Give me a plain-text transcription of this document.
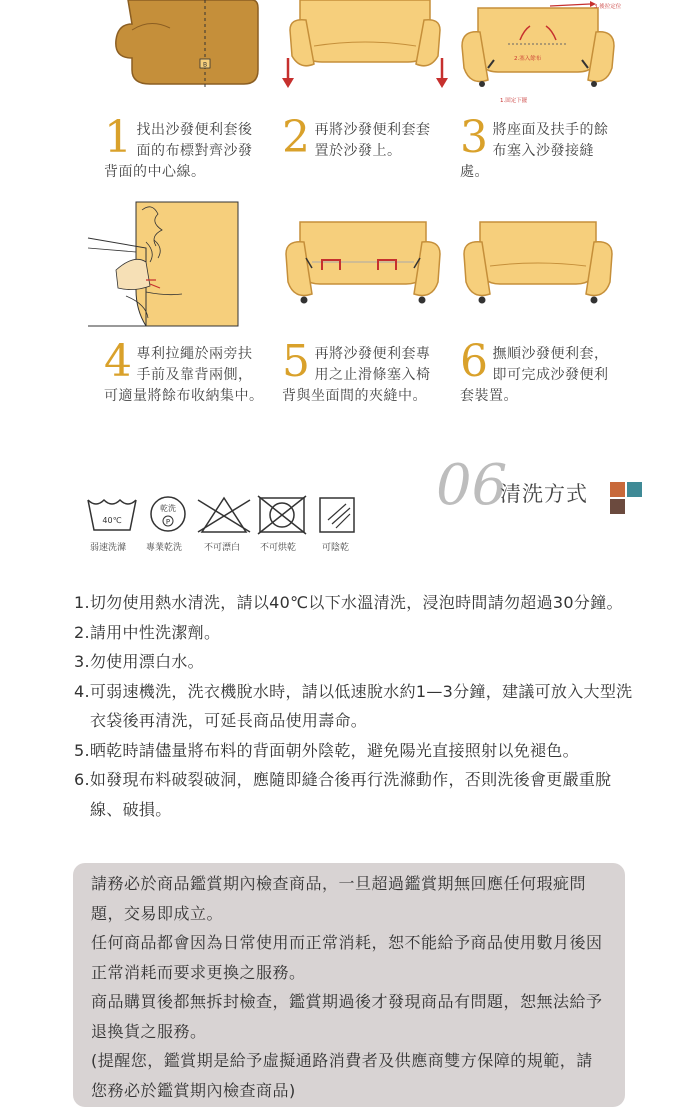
B
3.後拉定位
2.塞入餘布
1.固定下擺
1 找出沙發便利套後面的布標對齊沙發背面的中心線。
2 再將沙發便利套套置於沙發上。	3 將座面及扶手的餘布塞入沙發接縫處。
4 專利拉繩於兩旁扶手前及靠背兩側，可適量將餘布收納集中。
5 再將沙發便利套專用之止滑條塞入椅背與坐面間的夾縫中。
6 撫順沙發便利套，即可完成沙發便利套裝置。
06
清洗方式
40℃
乾洗
P
弱速洗滌 專業乾洗 不可漂白 不可烘乾	可陰乾
1.切勿使用熱水清洗，請以40℃以下水溫清洗，浸泡時間請勿超過30分鐘。
2.請用中性洗潔劑。
3.勿使用漂白水。
4.可弱速機洗，洗衣機脫水時，請以低速脫水約1—3分鐘，建議可放入大型洗衣袋後再清洗，可延長商品使用壽命。
5.晒乾時請儘量將布料的背面朝外陰乾，避免陽光直接照射以免褪色。
6.如發現布料破裂破洞，應隨即縫合後再行洗滌動作，否則洗後會更嚴重脫線、破損。

請務必於商品鑑賞期內檢查商品，一旦超過鑑賞期無回應任何瑕疵問題，交易即成立。

任何商品都會因為日常使用而正常消耗，恕不能給予商品使用數月後因正常消耗而要求更換之服務。

商品購買後都無拆封檢查，鑑賞期過後才發現商品有問題，恕無法給予退換貨之服務。

(提醒您，鑑賞期是給予虛擬通路消費者及供應商雙方保障的規範，請您務必於鑑賞期內檢查商品)
